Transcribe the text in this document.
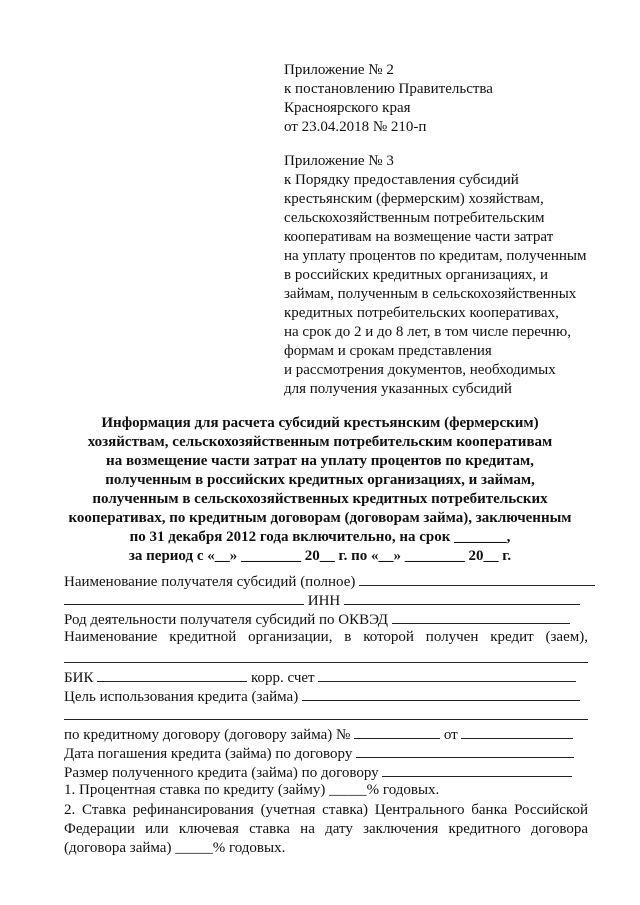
Приложение № 2
к постановлению Правительства
Красноярского края
от 23.04.2018 № 210-п
Приложение № 3
к Порядку предоставления субсидий
крестьянским (фермерским) хозяйствам,
сельскохозяйственным потребительским
кооперативам на возмещение части затрат
на уплату процентов по кредитам, полученным
в российских кредитных организациях, и
займам, полученным в сельскохозяйственных
кредитных потребительских кооперативах,
на срок до 2 и до 8 лет, в том числе перечню,
формам и срокам представления
и рассмотрения документов, необходимых
для получения указанных субсидий
Информация для расчета субсидий крестьянским (фермерским)
хозяйствам, сельскохозяйственным потребительским кооперативам
на возмещение части затрат на уплату процентов по кредитам,
полученным в российских кредитных организациях, и займам,
полученным в сельскохозяйственных кредитных потребительских
кооперативах, по кредитным договорам (договорам займа), заключенным
по 31 декабря 2012 года включительно, на срок _______,
за период с «__» ________ 20__ г. по «__» ________ 20__ г.
Наименование получателя субсидий (полное)
ИНН
Род деятельности получателя субсидий по ОКВЭД
Наименование кредитной организации, в которой получен кредит (заем),
БИК	корр. счет
Цель использования кредита (займа)
по кредитному договору (договору займа) №	от
Дата погашения кредита (займа) по договору
Размер полученного кредита (займа) по договору
1. Процентная ставка по кредиту (займу) _____% годовых.
2. Ставка рефинансирования (учетная ставка) Центрального банка Российской
Федерации или ключевая ставка на дату заключения кредитного договора
(договора займа) _____% годовых.
